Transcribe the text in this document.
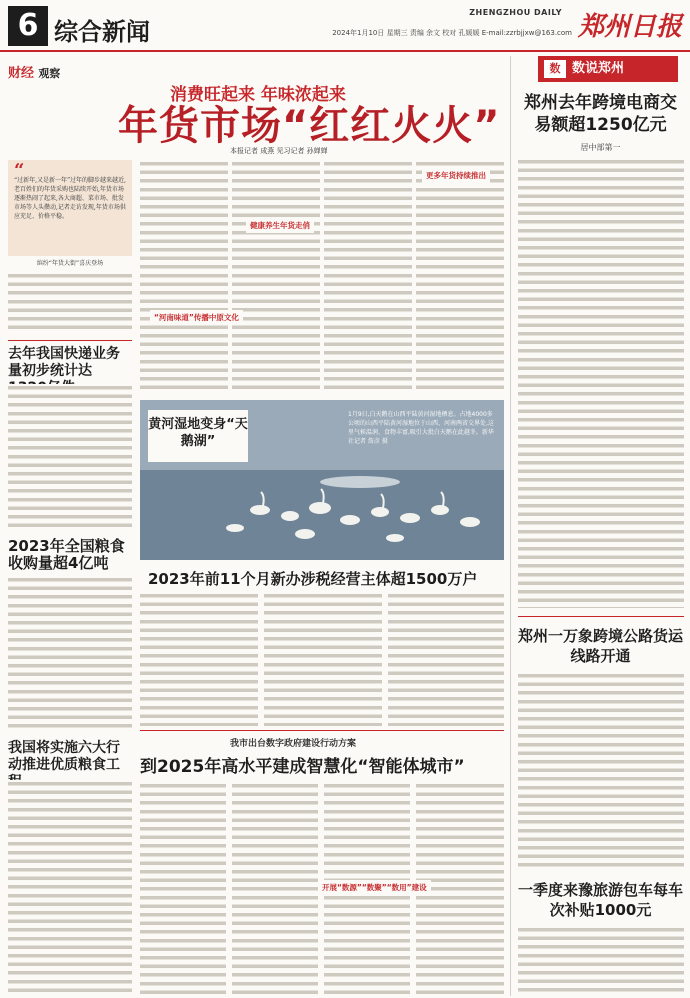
6 综合新闻
ZHENGZHOU DAILY
2024年1月10日 星期三 责编 余文 校对 孔媛媛 E-mail:zzrbjjxw@163.com 郑州日报
财经 观察
消费旺起来 年味浓起来
年货市场“红红火火”
本报记者 成燕 见习记者 孙婵婵
“
“过新年,又是新一年”过年的脚步越来越近,老百姓们的年货采购也陆续开始,年货市场逐渐热闹了起来,各大商超、菜市场、批发市场等人头攒动,记者走访发现,年货市场供应充足、价格平稳。
缤纷“年货大街”喜庆登场
“河南味道”传播中原文化
健康养生年货走俏
更多年货持续推出
数 数说郑州
郑州去年跨境电商交易额超1250亿元
居中部第一
去年我国快递业务量初步统计达
2023年全国粮食收购量超4亿吨
我国将实施六大行动推进优质粮食工
黄河湿地变身“天鹅湖”
1月9日,白天鹅在山西平陆黄河湿地栖息。占地4000多公顷的山西平陆黄河湿地位于山西、河南两省交界处,这里气候温润、食物丰富,吸引大批白天鹅在此越冬。新华社记者 詹彦 摄
2023年前11个月新办涉税经营主体超1500万户
我市出台数字政府建设行动方案
到2025年高水平建成智慧化“智能体城市”
开展“数源”“数聚”“数用”建设
郑州一万象跨境公路货运线路开通
一季度来豫旅游包车每车次补贴1000元
